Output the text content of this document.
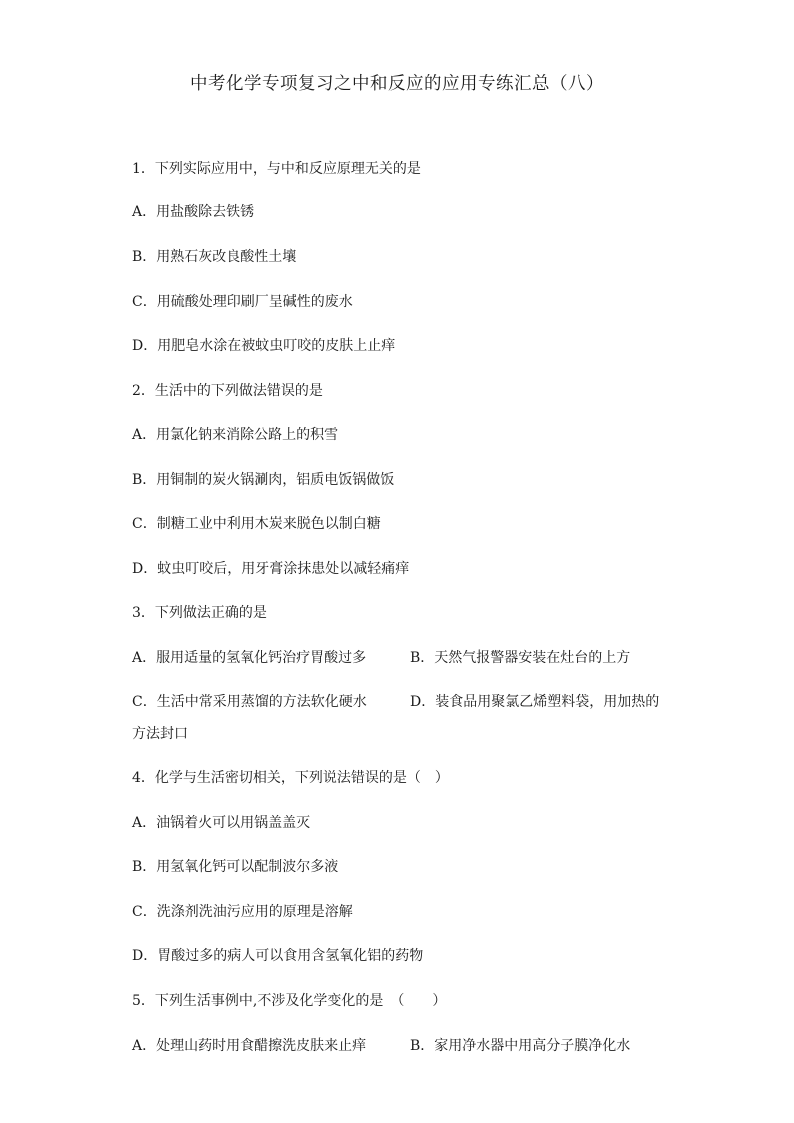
中考化学专项复习之中和反应的应用专练汇总（八）
1．下列实际应用中，与中和反应原理无关的是
A．用盐酸除去铁锈
B．用熟石灰改良酸性土壤
C．用硫酸处理印刷厂呈碱性的废水
D．用肥皂水涂在被蚊虫叮咬的皮肤上止痒
2．生活中的下列做法错误的是
A．用氯化钠来消除公路上的积雪
B．用铜制的炭火锅涮肉，铝质电饭锅做饭
C．制糖工业中利用木炭来脱色以制白糖
D．蚊虫叮咬后，用牙膏涂抹患处以减轻痛痒
3．下列做法正确的是
A．服用适量的氢氧化钙治疗胃酸过多	B．天然气报警器安装在灶台的上方
C．生活中常采用蒸馏的方法软化硬水	D．装食品用聚氯乙烯塑料袋，用加热的
方法封口
4．化学与生活密切相关，下列说法错误的是（　）
A．油锅着火可以用锅盖盖灭
B．用氢氧化钙可以配制波尔多液
C．洗涤剂洗油污应用的原理是溶解
D．胃酸过多的病人可以食用含氢氧化铝的药物
5．下列生活事例中,不涉及化学变化的是　（　　）
A．处理山药时用食醋擦洗皮肤来止痒	B．家用净水器中用高分子膜净化水
